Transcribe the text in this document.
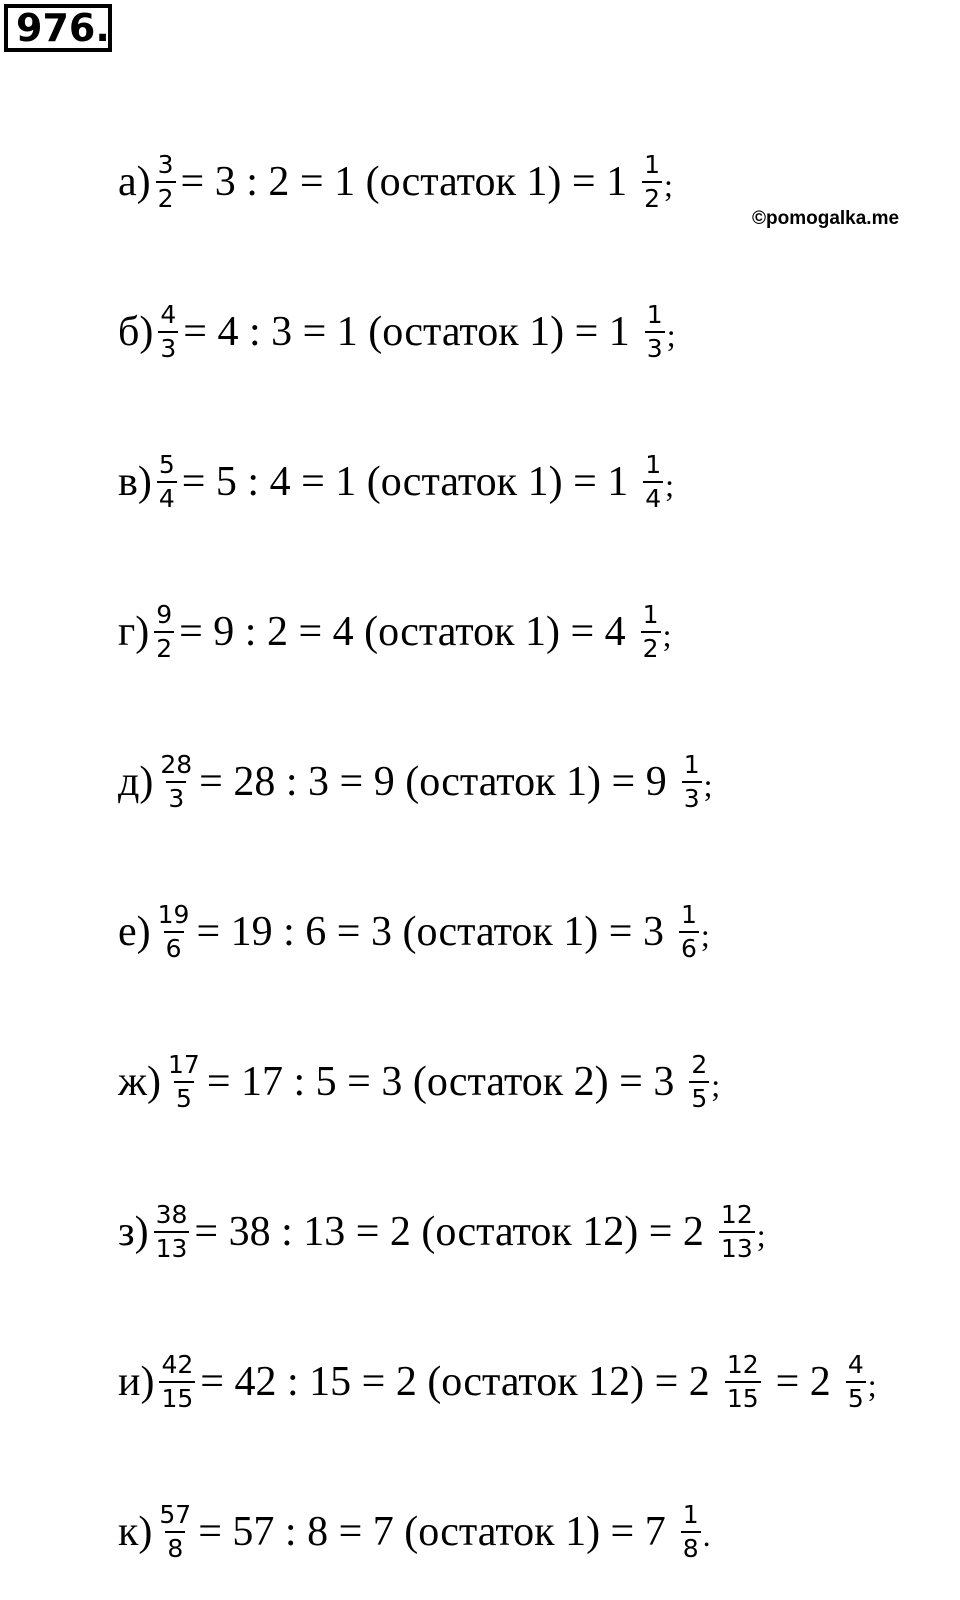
976.
©pomogalka.me
$а) \frac{3}{2} = 3$ : 2 = 1 (остаток $1) = 1 \frac{1}{2}$ ;
$б) \frac{4}{3} = 4$ : 3 = 1 (остаток $1) = 1 \frac{1}{3}$ ;
$в) \frac{5}{4} = 5$ : 4 = 1 (остаток $1) = 1 \frac{1}{4}$ ;
$г) \frac{9}{2} = 9$ : 2 = 4 (остаток $1) = 4 \frac{1}{2}$ ;
$д) \frac{28}{3} = 28$ : 3 = 9 (остаток $1) = 9 \frac{1}{3}$ ;
$е) \frac{19}{6} = 19$ : 6 = 3 (остаток $1) = 3 \frac{1}{6}$ ;
$ж) \frac{17}{5} = 17$ : 5 = 3 (остаток $2) = 3 \frac{2}{5}$ ;
$з) \frac{38}{13} = 38$ : 13 = 2 (остаток $12) = 2 \frac{12}{13}$ ;
$и) \frac{42}{15} = 42$ : 15 = 2 (остаток $12) = 2 \frac{12}{15} = 2 \frac{4}{5}$ ;
$к) \frac{57}{8} = 57$ : 8 = 7 (остаток $1) = 7 \frac{1}{8}$ .
